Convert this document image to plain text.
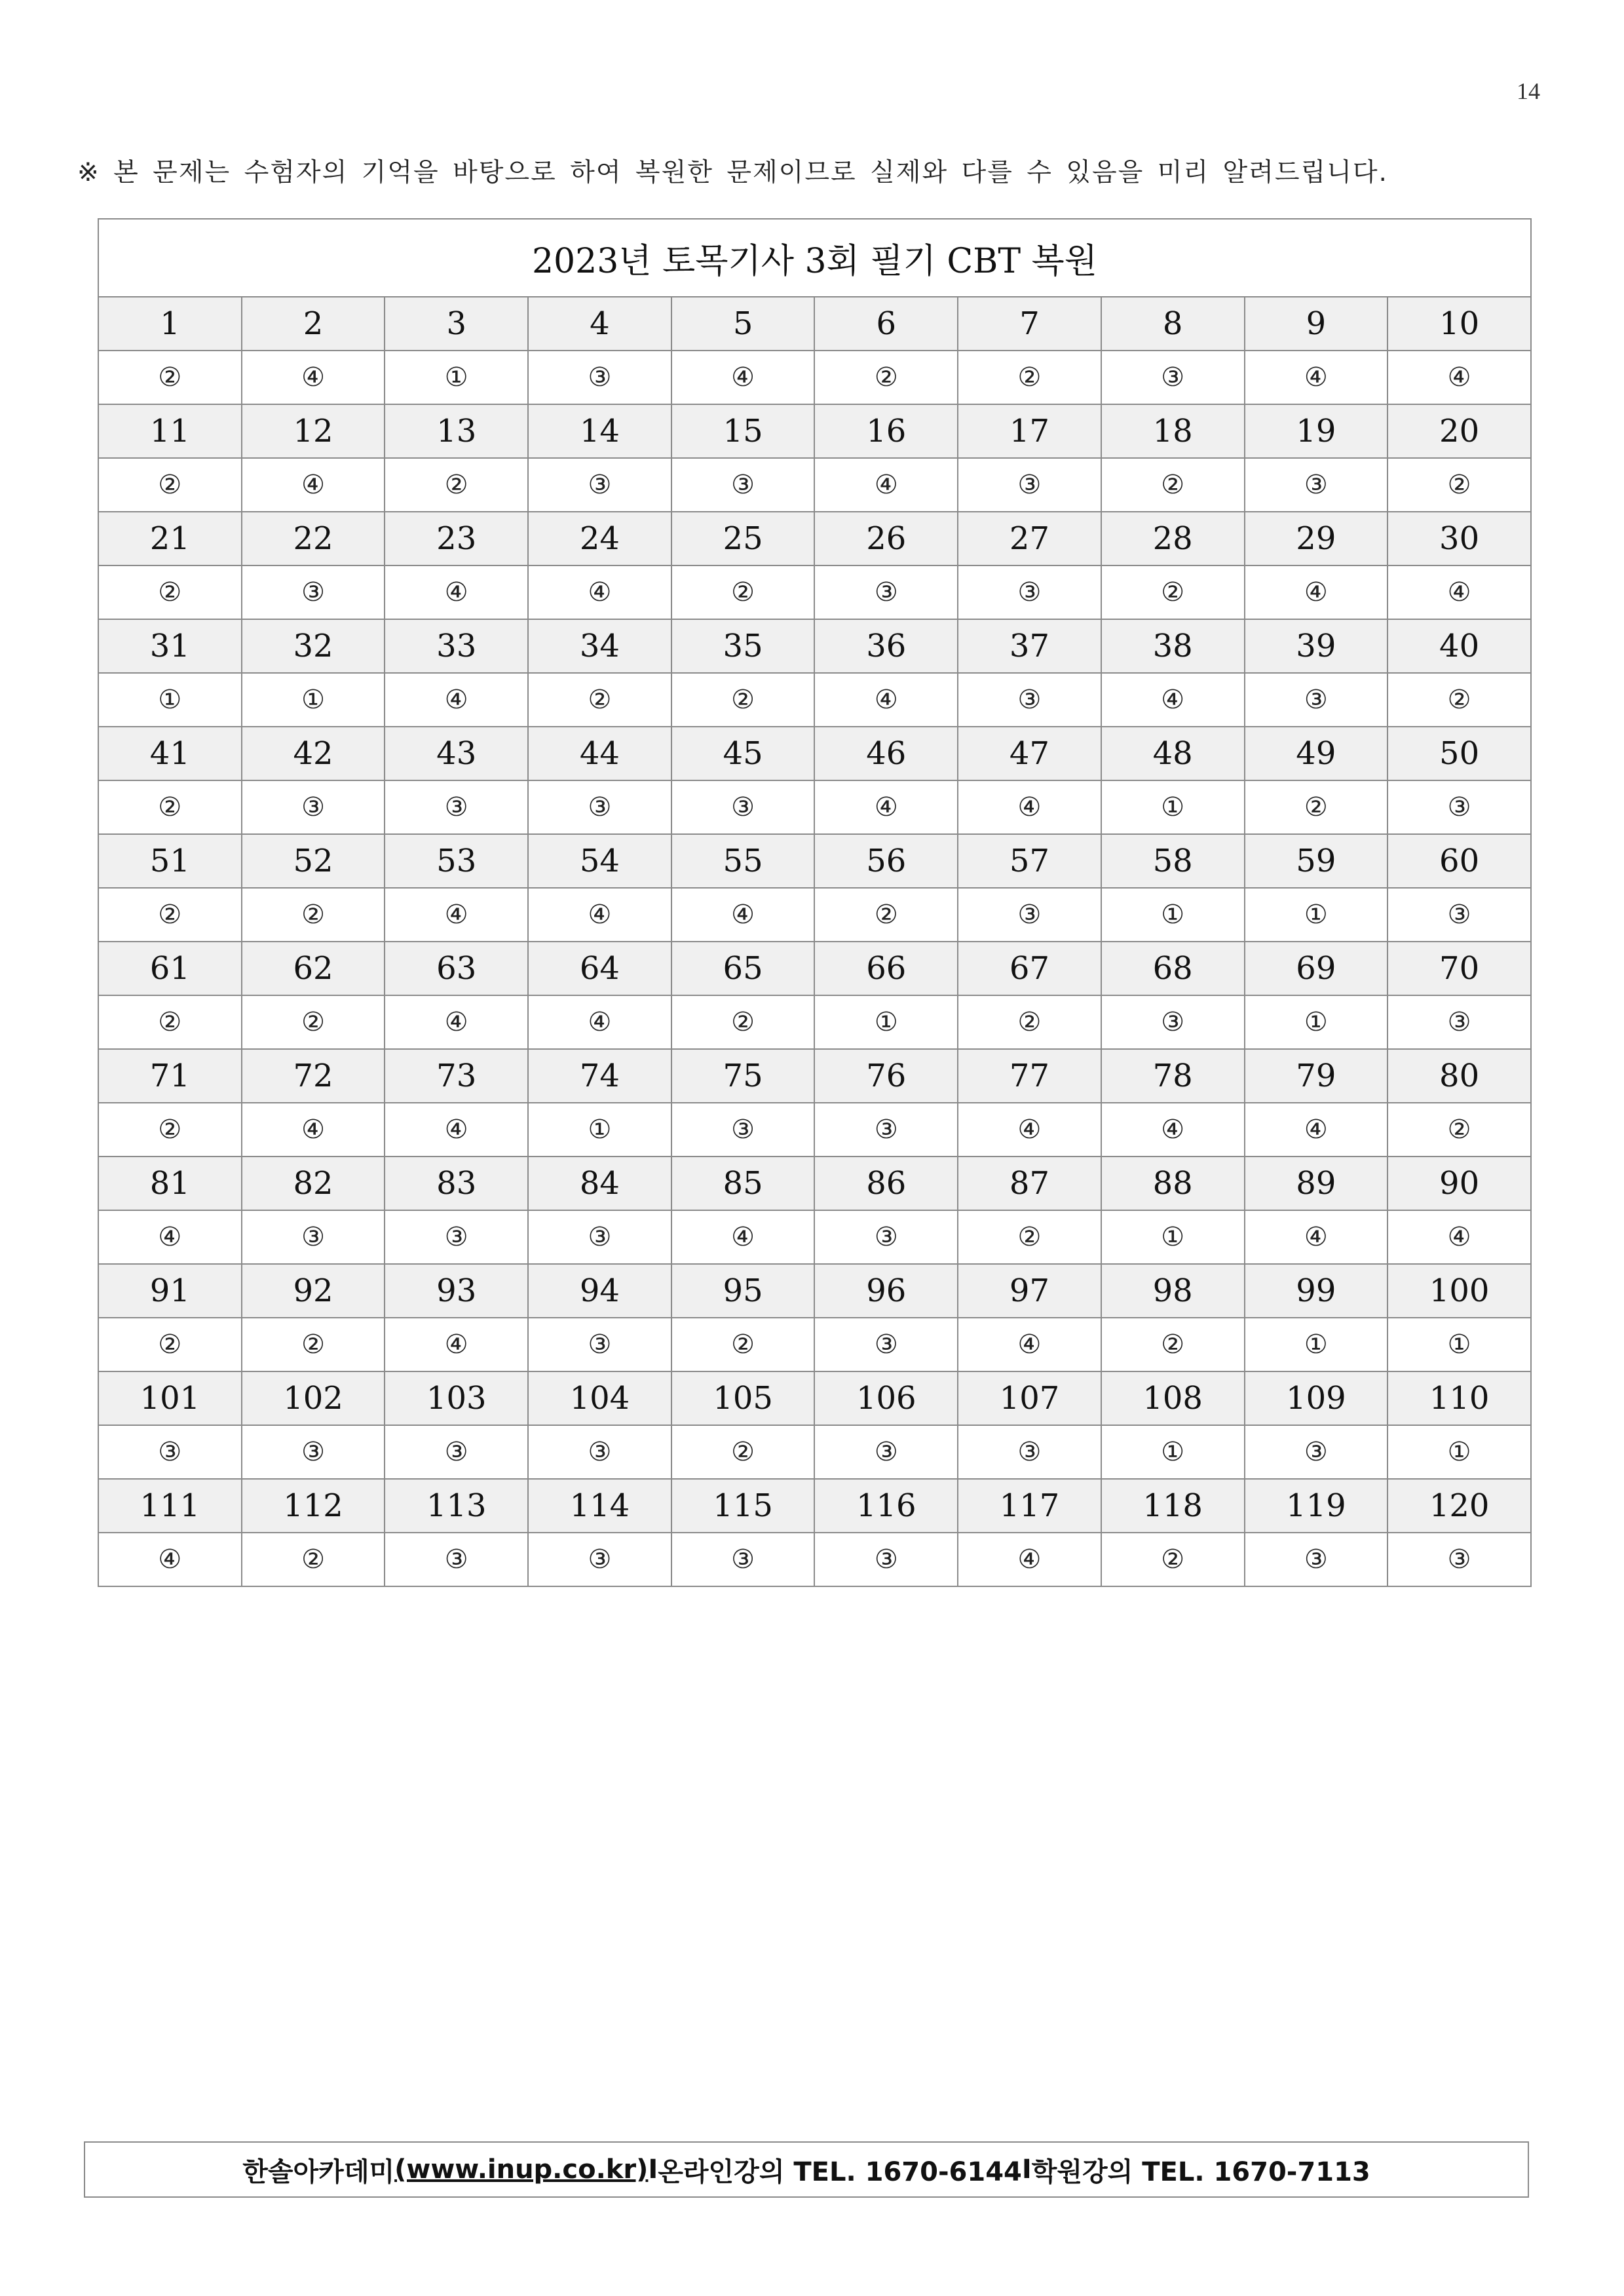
14
※ 본 문제는 수험자의 기억을 바탕으로 하여 복원한 문제이므로 실제와 다를 수 있음을 미리 알려드립니다.
2023년 토목기사 3회 필기 CBT 복원									
1	2	3	4	5	6	7	8	9	10
②	④	①	③	④	②	②	③	④	④
11	12	13	14	15	16	17	18	19	20
②	④	②	③	③	④	③	②	③	②
21	22	23	24	25	26	27	28	29	30
②	③	④	④	②	③	③	②	④	④
31	32	33	34	35	36	37	38	39	40
①	①	④	②	②	④	③	④	③	②
41	42	43	44	45	46	47	48	49	50
②	③	③	③	③	④	④	①	②	③
51	52	53	54	55	56	57	58	59	60
②	②	④	④	④	②	③	①	①	③
61	62	63	64	65	66	67	68	69	70
②	②	④	④	②	①	②	③	①	③
71	72	73	74	75	76	77	78	79	80
②	④	④	①	③	③	④	④	④	②
81	82	83	84	85	86	87	88	89	90
④	③	③	③	④	③	②	①	④	④
91	92	93	94	95	96	97	98	99	100
②	②	④	③	②	③	④	②	①	①
101	102	103	104	105	106	107	108	109	110
③	③	③	③	②	③	③	①	③	①
111	112	113	114	115	116	117	118	119	120
④	②	③	③	③	③	④	②	③	③
한솔아카데미 (www.inup.co.kr) I 온라인강의 TEL. 1670-6144 I 학원강의 TEL. 1670-7113
